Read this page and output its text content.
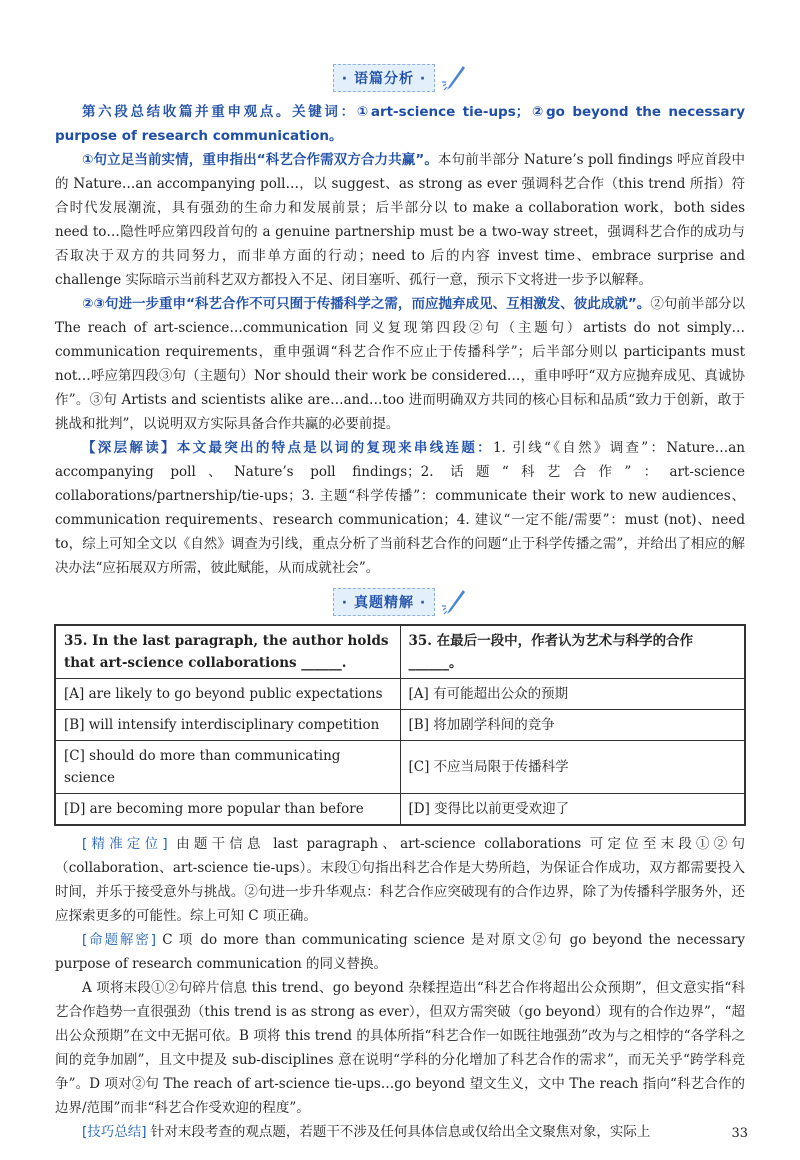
· 语篇分析 ·

第六段总结收篇并重申观点。关键词：①art-science tie-ups；②go beyond the necessary purpose of research communication。

①句立足当前实情，重申指出“科艺合作需双方合力共赢”。本句前半部分 Nature’s poll findings 呼应首段中的 Nature…an accompanying poll…，以 suggest、as strong as ever 强调科艺合作（this trend 所指）符合时代发展潮流，具有强劲的生命力和发展前景；后半部分以 to make a collaboration work，both sides need to…隐性呼应第四段首句的 a genuine partnership must be a two-way street，强调科艺合作的成功与否取决于双方的共同努力，而非单方面的行动；need to 后的内容 invest time、embrace surprise and challenge 实际暗示当前科艺双方都投入不足、闭目塞听、孤行一意，预示下文将进一步予以解释。

②③句进一步重申“科艺合作不可只囿于传播科学之需，而应抛弃成见、互相激发、彼此成就”。②句前半部分以 The reach of art-science…communication 同义复现第四段②句（主题句）artists do not simply…communication requirements，重申强调“科艺合作不应止于传播科学”；后半部分则以 participants must not…呼应第四段③句（主题句）Nor should their work be considered…，重申呼吁“双方应抛弃成见、真诚协作”。③句 Artists and scientists alike are…and…too 进而明确双方共同的核心目标和品质“致力于创新，敢于挑战和批判”，以说明双方实际具备合作共赢的必要前提。

【深层解读】本文最突出的特点是以词的复现来串线连题：1. 引线“《自然》调查”：Nature…an accompanying poll、Nature’s poll findings；2. 话题“科艺合作”：art-science collaborations/partnership/tie-ups；3. 主题“科学传播”：communicate their work to new audiences、communication requirements、research communication；4. 建议“一定不能/需要”：must (not)、need to，综上可知全文以《自然》调查为引线，重点分析了当前科艺合作的问题“止于科学传播之需”，并给出了相应的解决办法“应拓展双方所需，彼此赋能，从而成就社会”。

· 真题精解 ·
35. In the last paragraph, the author holds that art-science collaborations ______.	35. 在最后一段中，作者认为艺术与科学的合作______。
[A] are likely to go beyond public expectations	[A] 有可能超出公众的预期
[B] will intensify interdisciplinary competition	[B] 将加剧学科间的竞争
[C] should do more than communicating science	[C] 不应当局限于传播科学
[D] are becoming more popular than before	[D] 变得比以前更受欢迎了

[精准定位] 由题干信息 last paragraph、art-science collaborations 可定位至末段①②句（collaboration、art-science tie-ups）。末段①句指出科艺合作是大势所趋，为保证合作成功，双方都需要投入时间，并乐于接受意外与挑战。②句进一步升华观点：科艺合作应突破现有的合作边界，除了为传播科学服务外，还应探索更多的可能性。综上可知 C 项正确。

[命题解密] C 项 do more than communicating science 是对原文②句 go beyond the necessary purpose of research communication 的同义替换。

A 项将末段①②句碎片信息 this trend、go beyond 杂糅捏造出“科艺合作将超出公众预期”，但文意实指“科艺合作趋势一直很强劲（this trend is as strong as ever），但双方需突破（go beyond）现有的合作边界”，“超出公众预期”在文中无据可依。B 项将 this trend 的具体所指“科艺合作一如既往地强劲”改为与之相悖的“各学科之间的竞争加剧”，且文中提及 sub-disciplines 意在说明“学科的分化增加了科艺合作的需求”，而无关乎“跨学科竞争”。D 项对②句 The reach of art-science tie-ups…go beyond 望文生义，文中 The reach 指向“科艺合作的边界/范围”而非“科艺合作受欢迎的程度”。

[技巧总结] 针对末段考查的观点题，若题干不涉及任何具体信息或仅给出全文聚焦对象，实际上	33
